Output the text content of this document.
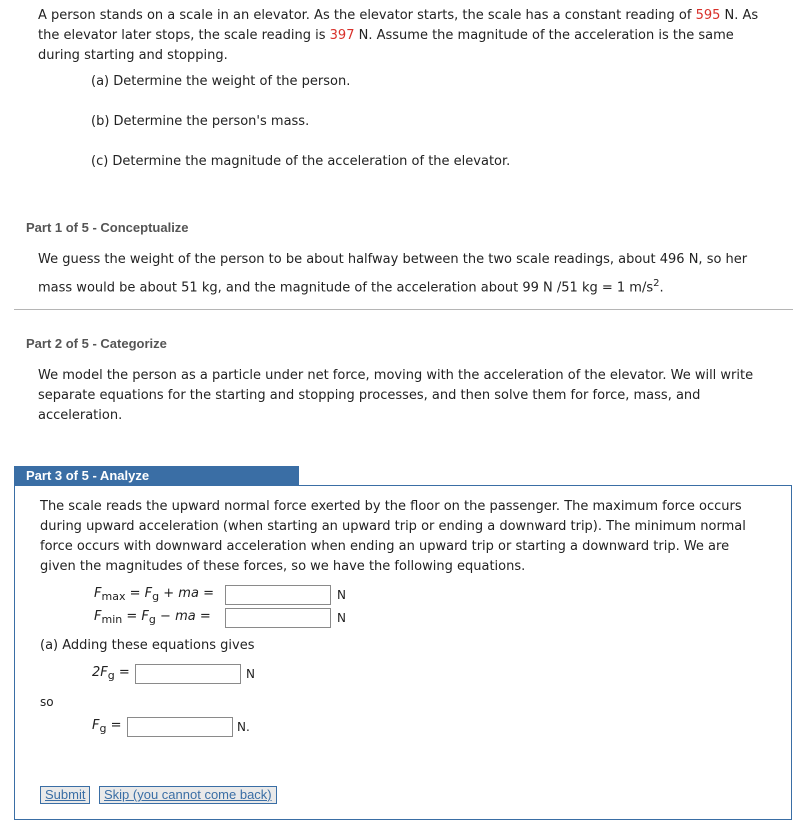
A person stands on a scale in an elevator. As the elevator starts, the scale has a constant reading of 595 N. As
the elevator later stops, the scale reading is 397 N. Assume the magnitude of the acceleration is the same
during starting and stopping.
(a) Determine the weight of the person.
(b) Determine the person's mass.
(c) Determine the magnitude of the acceleration of the elevator.
Part 1 of 5 - Conceptualize
We guess the weight of the person to be about halfway between the two scale readings, about 496 N, so her
mass would be about 51 kg, and the magnitude of the acceleration about 99 N /51 kg = 1 $m/s^2$.
Part 2 of 5 - Categorize
We model the person as a particle under net force, moving with the acceleration of the elevator. We will write
separate equations for the starting and stopping processes, and then solve them for force, mass, and
acceleration.
Part 3 of 5 - Analyze
The scale reads the upward normal force exerted by the floor on the passenger. The maximum force occurs
during upward acceleration (when starting an upward trip or ending a downward trip). The minimum normal
force occurs with downward acceleration when ending an upward trip or starting a downward trip. We are
given the magnitudes of these forces, so we have the following equations.
$F_{max} = F_g$ + ma =	N
$F_{min} = F_g$ − ma =	N
(a) Adding these equations gives
$2F_g$ =	N
so
$F_g$ =	N.
Submit	Skip (you cannot come back)
